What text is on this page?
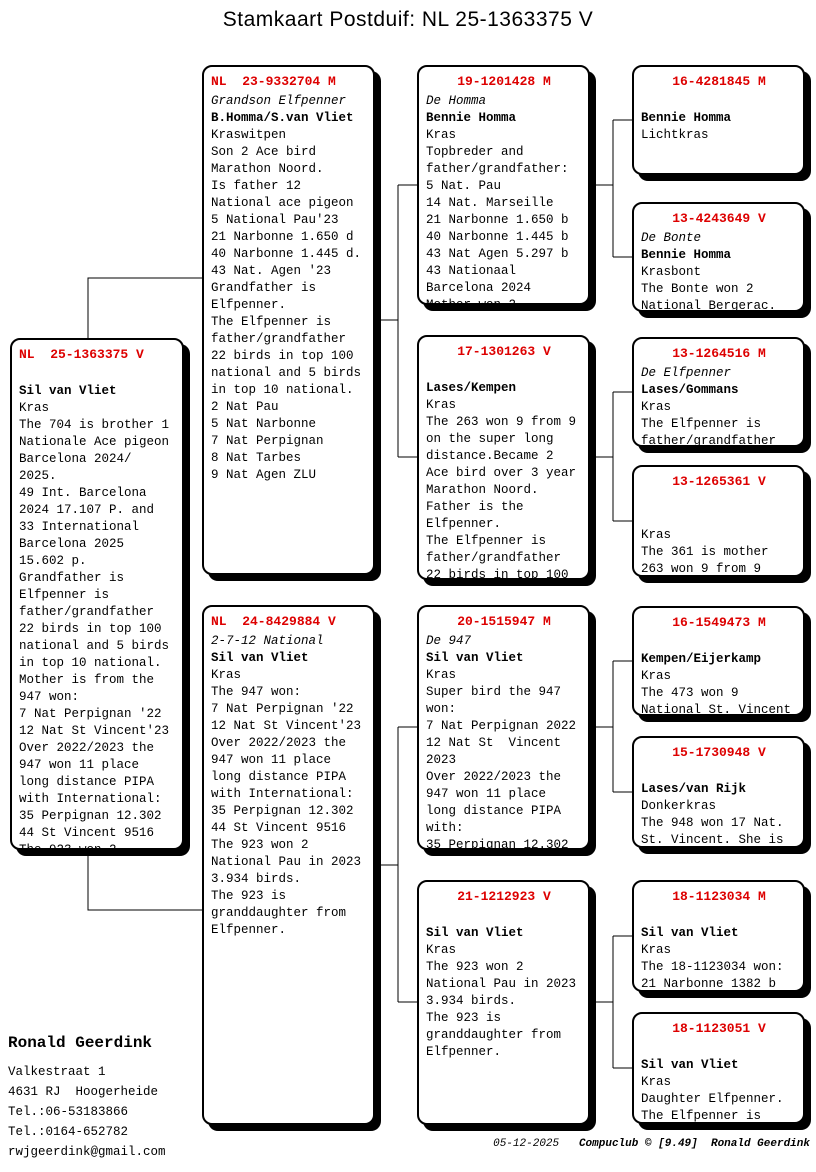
Stamkaart Postduif: NL 25-1363375 V
NL  25-1363375 V
Sil van Vliet
Kras
The 704 is brother 1
Nationale Ace pigeon
Barcelona 2024/
2025.
49 Int. Barcelona
2024 17.107 P. and
33 International
Barcelona 2025
15.602 p.
Grandfather is
Elfpenner is
father/grandfather
22 birds in top 100
national and 5 birds
in top 10 national.
Mother is from the
947 won:
7 Nat Perpignan '22
12 Nat St Vincent'23
Over 2022/2023 the
947 won 11 place
long distance PIPA
with International:
35 Perpignan 12.302
44 St Vincent 9516
The 923 won 2
NL  23-9332704 M
Grandson Elfpenner
B.Homma/S.van Vliet
Kraswitpen
Son 2 Ace bird
Marathon Noord.
Is father 12
National ace pigeon
5 National Pau'23
21 Narbonne 1.650 d
40 Narbonne 1.445 d.
43 Nat. Agen '23
Grandfather is
Elfpenner.
The Elfpenner is
father/grandfather
22 birds in top 100
national and 5 birds
in top 10 national.
2 Nat Pau
5 Nat Narbonne
7 Nat Perpignan
8 Nat Tarbes
9 Nat Agen ZLU
NL  24-8429884 V
2-7-12 National
Sil van Vliet
Kras
The 947 won:
7 Nat Perpignan '22
12 Nat St Vincent'23
Over 2022/2023 the
947 won 11 place
long distance PIPA
with International:
35 Perpignan 12.302
44 St Vincent 9516
The 923 won 2
National Pau in 2023
3.934 birds.
The 923 is
granddaughter from
Elfpenner.
19-1201428 M
De Homma
Bennie Homma
Kras
Topbreder and
father/grandfather:
5 Nat. Pau
14 Nat. Marseille
21 Narbonne 1.650 b
40 Narbonne 1.445 b
43 Nat Agen 5.297 b
43 Nationaal
Barcelona 2024
Mother won 2
17-1301263 V
Lases/Kempen
Kras
The 263 won 9 from 9
on the super long
distance.Became 2
Ace bird over 3 year
Marathon Noord.
Father is the
Elfpenner.
The Elfpenner is
father/grandfather
22 birds in top 100
20-1515947 M
De 947
Sil van Vliet
Kras
Super bird the 947
won:
7 Nat Perpignan 2022
12 Nat St  Vincent
2023
Over 2022/2023 the
947 won 11 place
long distance PIPA
with:
35 Perpignan 12.302
21-1212923 V
Sil van Vliet
Kras
The 923 won 2
National Pau in 2023
3.934 birds.
The 923 is
granddaughter from
Elfpenner.
16-4281845 M
Bennie Homma
Lichtkras
13-4243649 V
De Bonte
Bennie Homma
Krasbont
The Bonte won 2
National Bergerac.
13-1264516 M
De Elfpenner
Lases/Gommans
Kras
The Elfpenner is
father/grandfather
13-1265361 V
Kras
The 361 is mother
263 won 9 from 9
16-1549473 M
Kempen/Eijerkamp
Kras
The 473 won 9
National St. Vincent
15-1730948 V
Lases/van Rijk
Donkerkras
The 948 won 17 Nat.
St. Vincent. She is
18-1123034 M
Sil van Vliet
Kras
The 18-1123034 won:
21 Narbonne 1382 b
18-1123051 V
Sil van Vliet
Kras
Daughter Elfpenner.
The Elfpenner is
Ronald Geerdink
Valkestraat 1
4631 RJ  Hoogerheide
Tel.:06-53183866
Tel.:0164-652782
rwjgeerdink@gmail.com
05-12-2025 Compuclub © [9.49] Ronald Geerdink
